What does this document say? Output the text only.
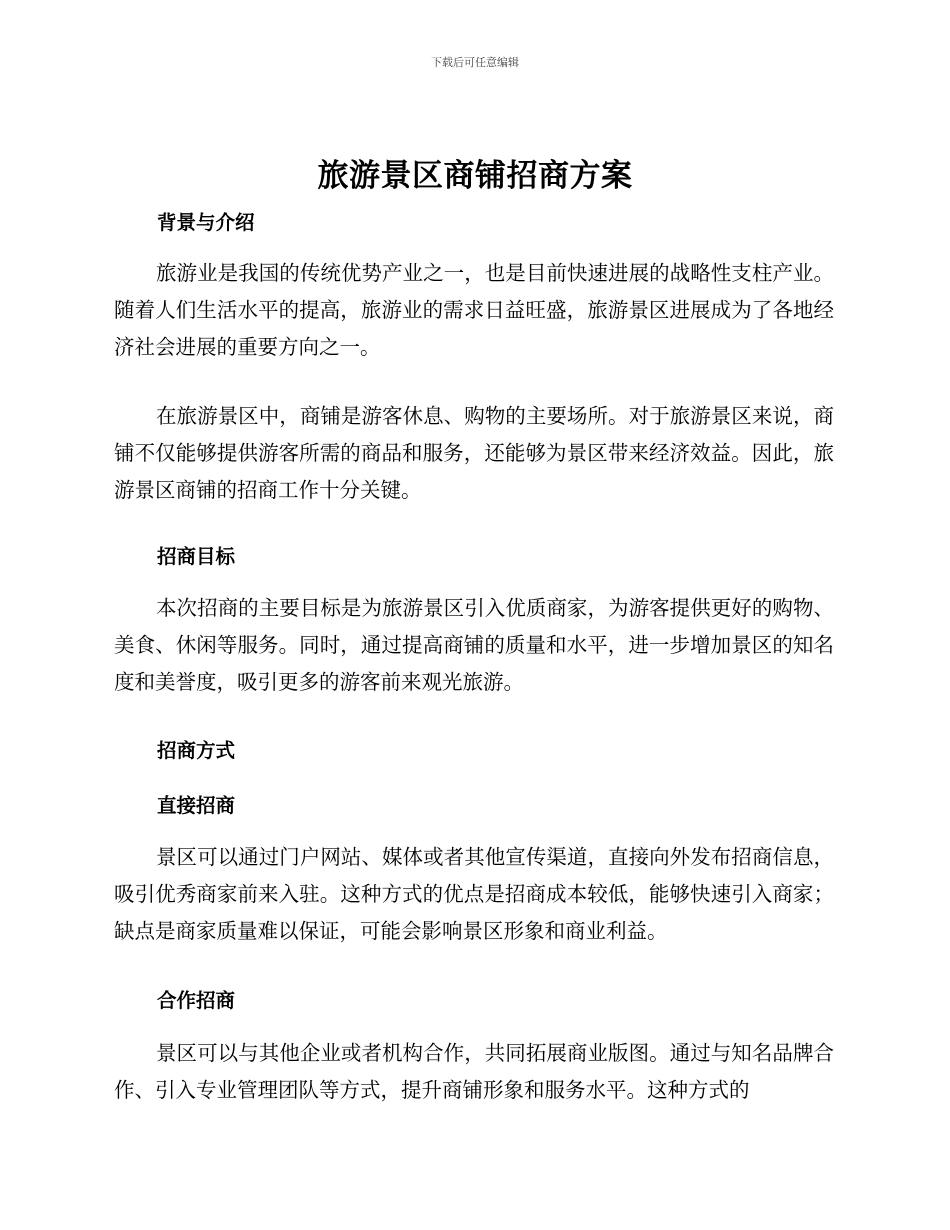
下载后可任意编辑
旅游景区商铺招商方案
背景与介绍

旅游业是我国的传统优势产业之一，也是目前快速进展的战略性支柱产业。随着人们生活水平的提高，旅游业的需求日益旺盛，旅游景区进展成为了各地经济社会进展的重要方向之一。

在旅游景区中，商铺是游客休息、购物的主要场所。对于旅游景区来说，商铺不仅能够提供游客所需的商品和服务，还能够为景区带来经济效益。因此，旅游景区商铺的招商工作十分关键。

招商目标

本次招商的主要目标是为旅游景区引入优质商家，为游客提供更好的购物、美食、休闲等服务。同时，通过提高商铺的质量和水平，进一步增加景区的知名度和美誉度，吸引更多的游客前来观光旅游。

招商方式
直接招商

景区可以通过门户网站、媒体或者其他宣传渠道，直接向外发布招商信息，吸引优秀商家前来入驻。这种方式的优点是招商成本较低，能够快速引入商家；缺点是商家质量难以保证，可能会影响景区形象和商业利益。

合作招商

景区可以与其他企业或者机构合作，共同拓展商业版图。通过与知名品牌合作、引入专业管理团队等方式，提升商铺形象和服务水平。这种方式的
